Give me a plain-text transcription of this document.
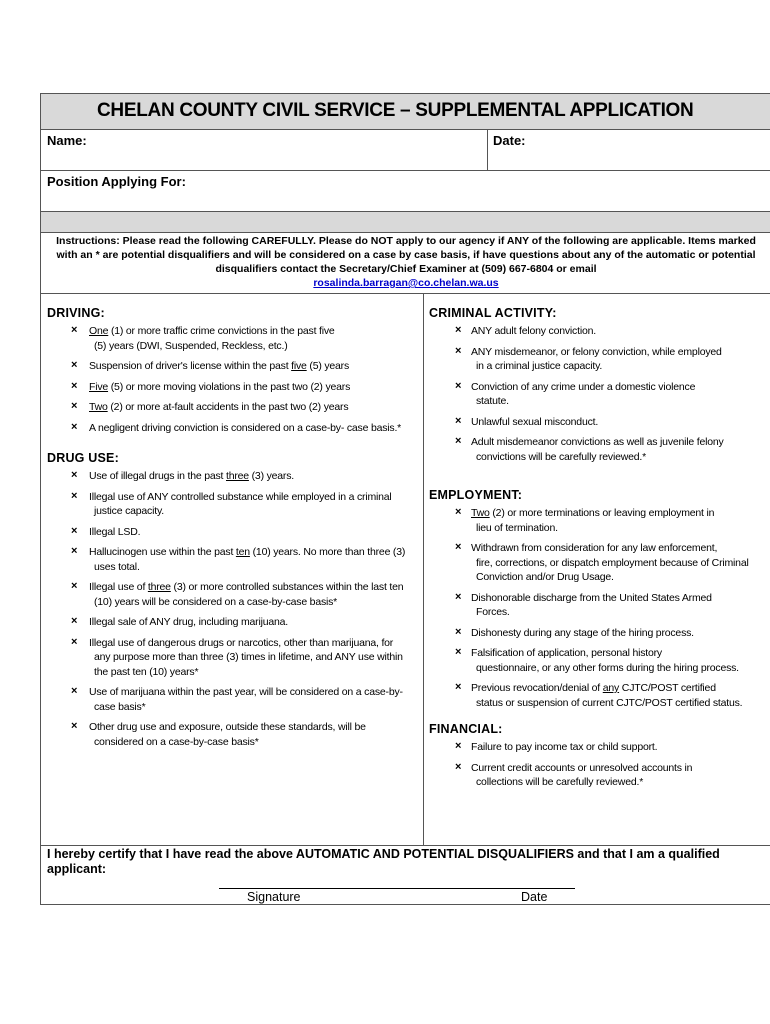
CHELAN COUNTY CIVIL SERVICE – SUPPLEMENTAL APPLICATION
Name:	Date:
Position Applying For:
Instructions: Please read the following CAREFULLY. Please do NOT apply to our agency if ANY of the following are applicable. Items marked with an * are potential disqualifiers and will be considered on a case by case basis, if have questions about any of the automatic or potential disqualifiers contact the Secretary/Chief Examiner at (509) 667-6804 or email
rosalinda.barragan@co.chelan.wa.us
DRIVING:
× One (1) or more traffic crime convictions in the past five
(5) years (DWI, Suspended, Reckless, etc.)
× Suspension of driver's license within the past five (5) years
× Five (5) or more moving violations in the past two (2) years
× Two (2) or more at-fault accidents in the past two (2) years
× A negligent driving conviction is considered on a case-by- case basis.*
DRUG USE:
× Use of illegal drugs in the past three (3) years.
× Illegal use of ANY controlled substance while employed in a criminal
justice capacity.
× Illegal LSD.
× Hallucinogen use within the past ten (10) years. No more than three (3)
uses total.
× Illegal use of three (3) or more controlled substances within the last ten
(10) years will be considered on a case-by-case basis*
× Illegal sale of ANY drug, including marijuana.
× Illegal use of dangerous drugs or narcotics, other than marijuana, for
any purpose more than three (3) times in lifetime, and ANY use within the past ten (10) years*
× Use of marijuana within the past year, will be considered on a case-by-
case basis*
× Other drug use and exposure, outside these standards, will be
considered on a case-by-case basis*
CRIMINAL ACTIVITY:
× ANY adult felony conviction.
× ANY misdemeanor, or felony conviction, while employed
in a criminal justice capacity.
× Conviction of any crime under a domestic violence
statute.
× Unlawful sexual misconduct.
× Adult misdemeanor convictions as well as juvenile felony
convictions will be carefully reviewed.*
EMPLOYMENT:
× Two (2) or more terminations or leaving employment in
lieu of termination.
× Withdrawn from consideration for any law enforcement,
fire, corrections, or dispatch employment because of Criminal Conviction and/or Drug Usage.
× Dishonorable discharge from the United States Armed
Forces.
× Dishonesty during any stage of the hiring process.
× Falsification of application, personal history
questionnaire, or any other forms during the hiring process.
× Previous revocation/denial of any CJTC/POST certified
status or suspension of current CJTC/POST certified status.
FINANCIAL:
× Failure to pay income tax or child support.
× Current credit accounts or unresolved accounts in
collections will be carefully reviewed.*
I hereby certify that I have read the above AUTOMATIC AND POTENTIAL DISQUALIFIERS and that I am a qualified applicant:
Signature	Date
